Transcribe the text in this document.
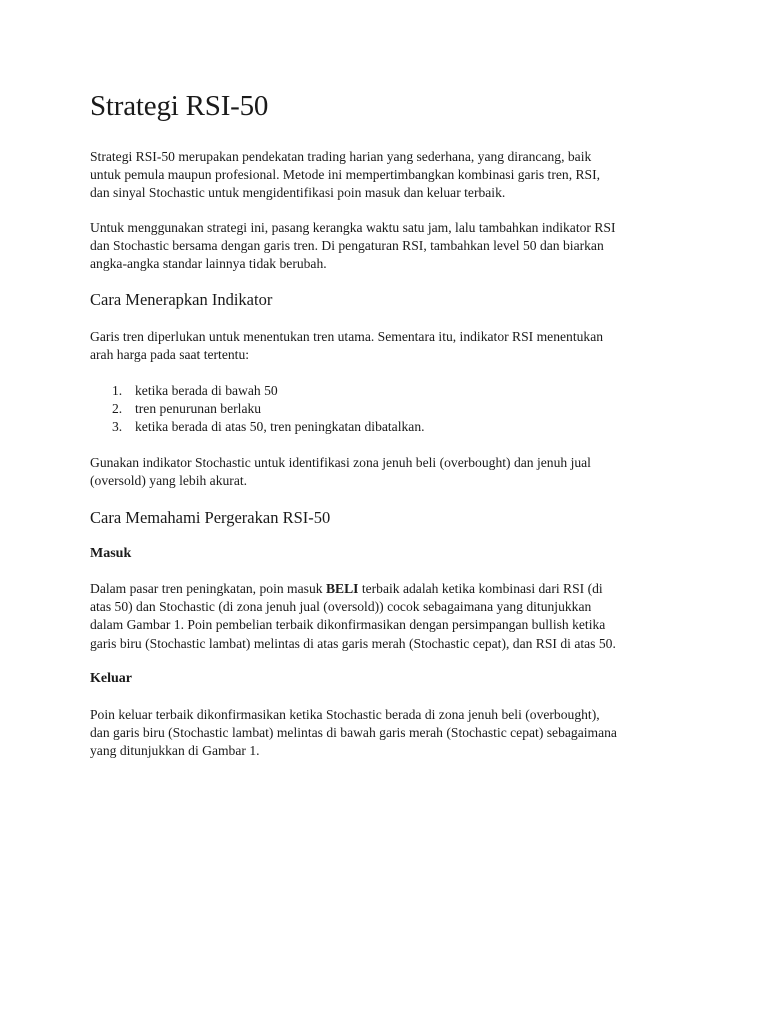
Strategi RSI-50

Strategi RSI-50 merupakan pendekatan trading harian yang sederhana, yang dirancang, baik
untuk pemula maupun profesional. Metode ini mempertimbangkan kombinasi garis tren, RSI,
dan sinyal Stochastic untuk mengidentifikasi poin masuk dan keluar terbaik.

Untuk menggunakan strategi ini, pasang kerangka waktu satu jam, lalu tambahkan indikator RSI
dan Stochastic bersama dengan garis tren. Di pengaturan RSI, tambahkan level 50 dan biarkan
angka-angka standar lainnya tidak berubah.

Cara Menerapkan Indikator

Garis tren diperlukan untuk menentukan tren utama. Sementara itu, indikator RSI menentukan
arah harga pada saat tertentu:

1. ketika berada di bawah 50
2. tren penurunan berlaku
3. ketika berada di atas 50, tren peningkatan dibatalkan.

Gunakan indikator Stochastic untuk identifikasi zona jenuh beli (overbought) dan jenuh jual
(oversold) yang lebih akurat.

Cara Memahami Pergerakan RSI-50
Masuk

Dalam pasar tren peningkatan, poin masuk BELI terbaik adalah ketika kombinasi dari RSI (di
atas 50) dan Stochastic (di zona jenuh jual (oversold)) cocok sebagaimana yang ditunjukkan
dalam Gambar 1. Poin pembelian terbaik dikonfirmasikan dengan persimpangan bullish ketika
garis biru (Stochastic lambat) melintas di atas garis merah (Stochastic cepat), dan RSI di atas 50.

Keluar

Poin keluar terbaik dikonfirmasikan ketika Stochastic berada di zona jenuh beli (overbought),
dan garis biru (Stochastic lambat) melintas di bawah garis merah (Stochastic cepat) sebagaimana
yang ditunjukkan di Gambar 1.
